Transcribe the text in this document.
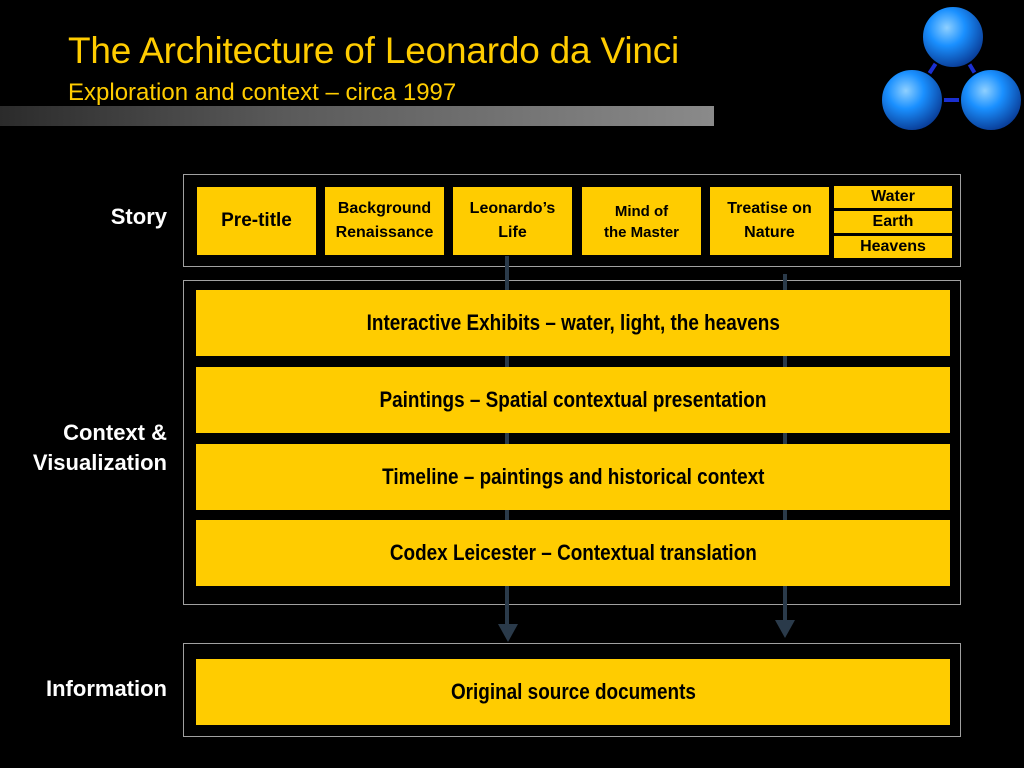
The Architecture of Leonardo da Vinci
Exploration and context – circa 1997
Story
Context &
Visualization
Information
Pre-title
Background
Renaissance
Leonardo’s
Life
Mind of
the Master
Treatise on
Nature
Water
Earth
Heavens
Interactive Exhibits – water, light, the heavens
Paintings – Spatial contextual presentation
Timeline – paintings and historical context
Codex Leicester – Contextual translation
Original source documents
